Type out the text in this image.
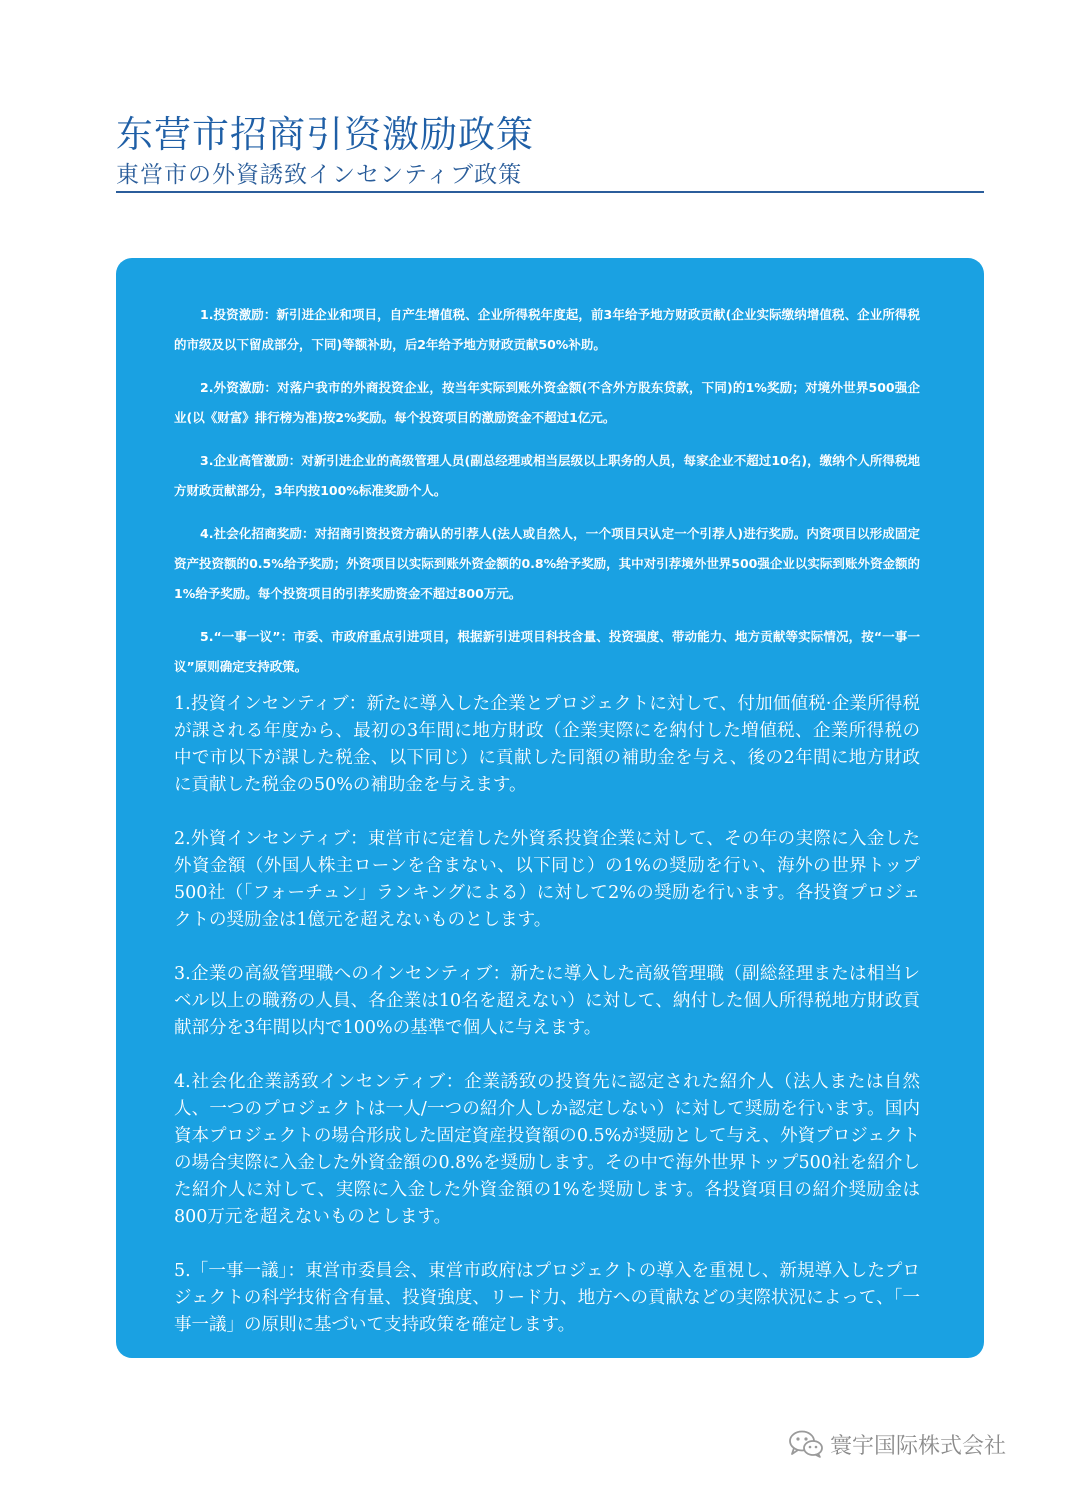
东营市招商引资激励政策
東営市の外資誘致インセンティブ政策

1.投资激励：新引进企业和项目，自产生增值税、企业所得税年度起，前3年给予地方财政贡献(企业实际缴纳增值税、企业所得税的市级及以下留成部分，下同)等额补助，后2年给予地方财政贡献50%补助。

2.外资激励：对落户我市的外商投资企业，按当年实际到账外资金额(不含外方股东贷款，下同)的1%奖励；对境外世界500强企业(以《财富》排行榜为准)按2%奖励。每个投资项目的激励资金不超过1亿元。

3.企业高管激励：对新引进企业的高级管理人员(副总经理或相当层级以上职务的人员，每家企业不超过10名)，缴纳个人所得税地方财政贡献部分，3年内按100%标准奖励个人。

4.社会化招商奖励：对招商引资投资方确认的引荐人(法人或自然人，一个项目只认定一个引荐人)进行奖励。内资项目以形成固定资产投资额的0.5%给予奖励；外资项目以实际到账外资金额的0.8%给予奖励，其中对引荐境外世界500强企业以实际到账外资金额的1%给予奖励。每个投资项目的引荐奖励资金不超过800万元。

5.“一事一议”：市委、市政府重点引进项目，根据新引进项目科技含量、投资强度、带动能力、地方贡献等实际情况，按“一事一议”原则确定支持政策。

1.投資インセンティブ：新たに導入した企業とプロジェクトに対して、付加価値税·企業所得税が課される年度から、最初の3年間に地方財政（企業実際にを納付した増値税、企業所得税の中で市以下が課した税金、以下同じ）に貢献した同額の補助金を与え、後の2年間に地方財政に貢献した税金の50%の補助金を与えます。

2.外資インセンティブ：東営市に定着した外資系投資企業に対して、その年の実際に入金した外資金額（外国人株主ローンを含まない、以下同じ）の1%の奨励を行い、海外の世界トップ500社（「フォーチュン」ランキングによる）に対して2%の奨励を行います。各投資プロジェクトの奨励金は1億元を超えないものとします。

3.企業の高級管理職へのインセンティブ：新たに導入した高級管理職（副総経理または相当レベル以上の職務の人員、各企業は10名を超えない）に対して、納付した個人所得税地方財政貢献部分を3年間以内で100%の基準で個人に与えます。

4.社会化企業誘致インセンティブ：企業誘致の投資先に認定された紹介人（法人または自然人、一つのプロジェクトは一人/一つの紹介人しか認定しない）に対して奨励を行います。国内資本プロジェクトの場合形成した固定資産投資額の0.5%が奨励として与え、外資プロジェクトの場合実際に入金した外資金額の0.8%を奨励します。その中で海外世界トップ500社を紹介した紹介人に対して、実際に入金した外資金額の1%を奨励します。各投資項目の紹介奨励金は800万元を超えないものとします。

5.「一事一議」：東営市委員会、東営市政府はプロジェクトの導入を重視し、新規導入したプロジェクトの科学技術含有量、投資強度、リード力、地方への貢献などの実際状況によって、「一事一議」の原則に基づいて支持政策を確定します。

寰宇国际株式会社
